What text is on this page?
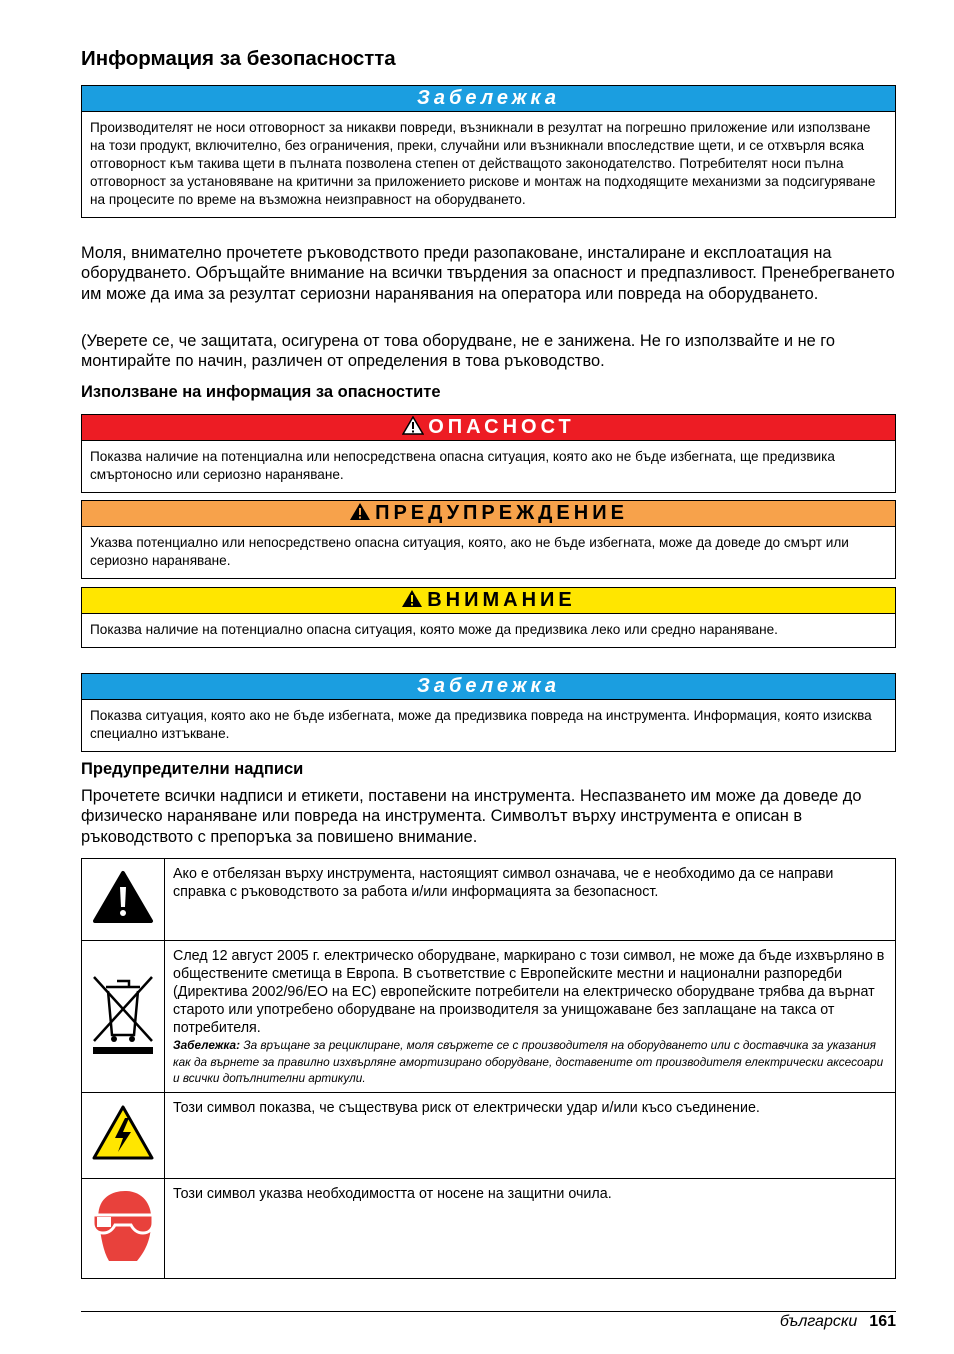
Информация за безопасността
Забележка
Производителят не носи отговорност за никакви повреди, възникнали в резултат на погрешно приложение или използване на този продукт, включително, без ограничения, преки, случайни или възникнали впоследствие щети, и се отхвърля всяка отговорност към такива щети в пълната позволена степен от действащото законодателство. Потребителят носи пълна отговорност за установяване на критични за приложението рискове и монтаж на подходящите механизми за подсигуряване на процесите по време на възможна неизправност на оборудването.

Моля, внимателно прочетете ръководството преди разопаковане, инсталиране и експлоатация на оборудването. Обръщайте внимание на всички твърдения за опасност и предпазливост. Пренебрегването им може да има за резултат сериозни наранявания на оператора или повреда на оборудването.

(Уверете се, че защитата, осигурена от това оборудване, не е занижена. Не го използвайте и не го монтирайте по начин, различен от определения в това ръководство.

Използване на информация за опасностите
ОПАСНОСТ
Показва наличие на потенциална или непосредствена опасна ситуация, която ако не бъде избегната, ще предизвика смъртоносно или сериозно нараняване.
ПРЕДУПРЕЖДЕНИЕ
Указва потенциално или непосредствено опасна ситуация, която, ако не бъде избегната, може да доведе до смърт или сериозно нараняване.
ВНИМАНИЕ
Показва наличие на потенциално опасна ситуация, която може да предизвика леко или средно нараняване.
Забележка
Показва ситуация, която ако не бъде избегната, може да предизвика повреда на инструмента. Информация, която изисква специално изтъкване.
Предупредителни надписи

Прочетете всички надписи и етикети, поставени на инструмента. Неспазването им може да доведе до физическо нараняване или повреда на инструмента. Символът върху инструмента е описан в ръководството с препоръка за повишено внимание.

	Ако е отбелязан върху инструмента, настоящият символ означава, че е необходимо да се направи справка с ръководството за работа и/или информацията за безопасност.
	След 12 август 2005 г. електрическо оборудване, маркирано с този символ, не може да бъде изхвърляно в обществените сметища в Европа. В съответствие с Европейските местни и национални разпоредби (Директива 2002/96/EO на ЕС) европейските потребители на електрическо оборудване трябва да върнат старото или употребено оборудване на производителя за унищожаване без заплащане на такса от потребителя.
Забележка: За връщане за рециклиране, моля свържете се с производителя на оборудването или с доставчика за указания как да върнете за правилно изхвърляне амортизирано оборудване, доставените от производителя електрически аксесоари и всички допълнителни артикули.

	Този символ показва, че съществува риск от електрически удар и/или късо съединение.
	Този символ указва необходимостта от носене на защитни очила.
български 161
